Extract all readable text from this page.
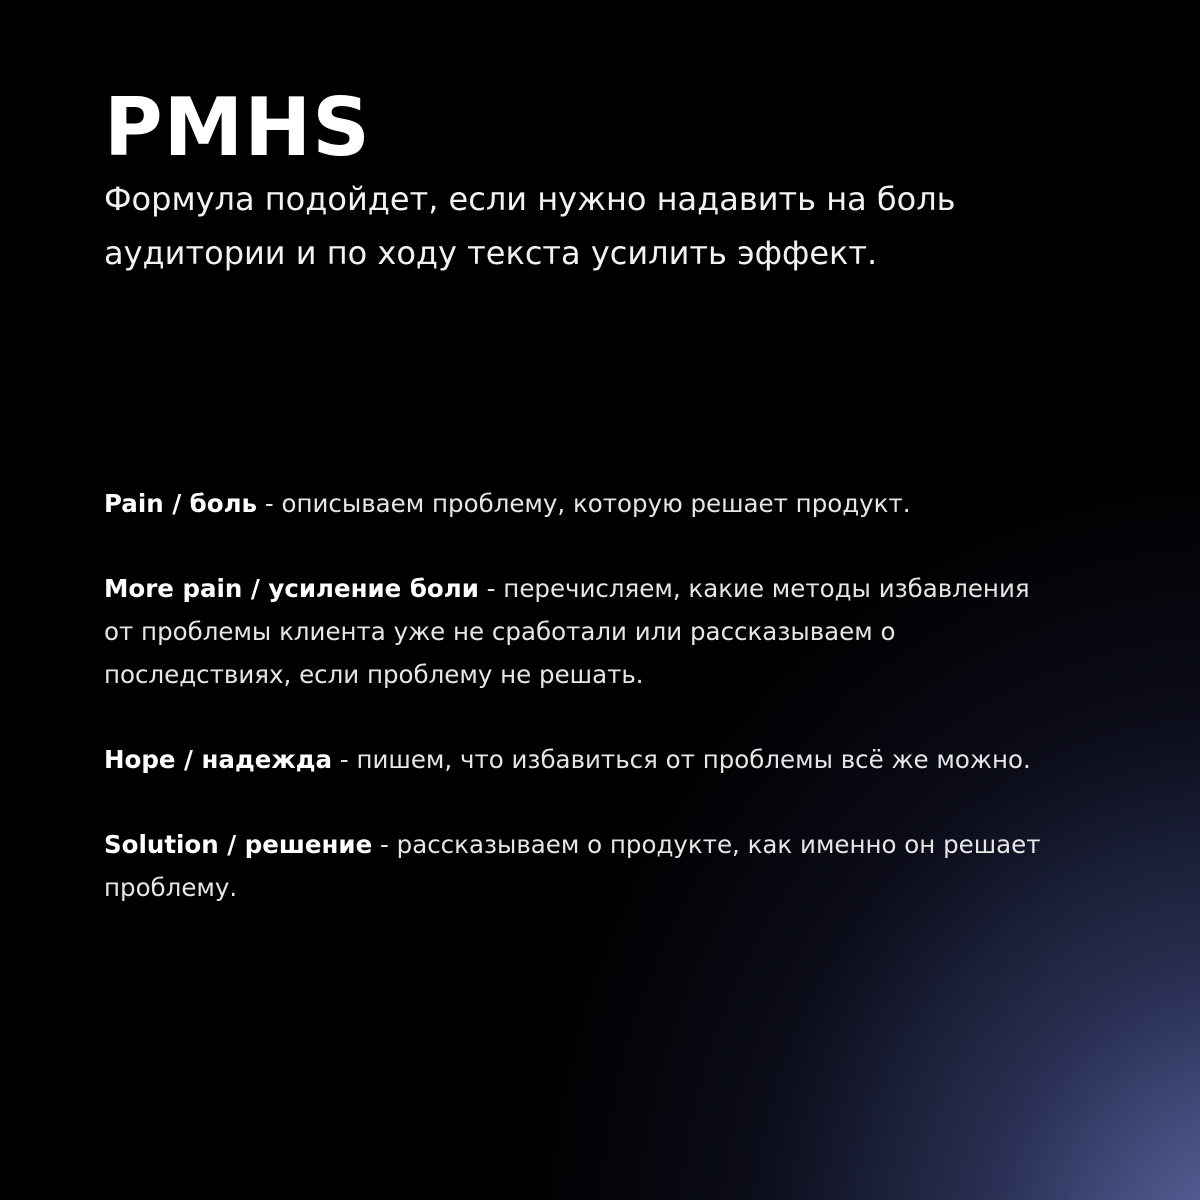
PMHS

Формула подойдет, если нужно надавить на боль аудитории и по ходу текста усилить эффект.

Pain / боль - описываем проблему, которую решает продукт.

More pain / усиление боли - перечисляем, какие методы избавления от проблемы клиента уже не сработали или рассказываем о последствиях, если проблему не решать.

Hope / надежда - пишем, что избавиться от проблемы всё же можно.

Solution / решение - рассказываем о продукте, как именно он решает проблему.
